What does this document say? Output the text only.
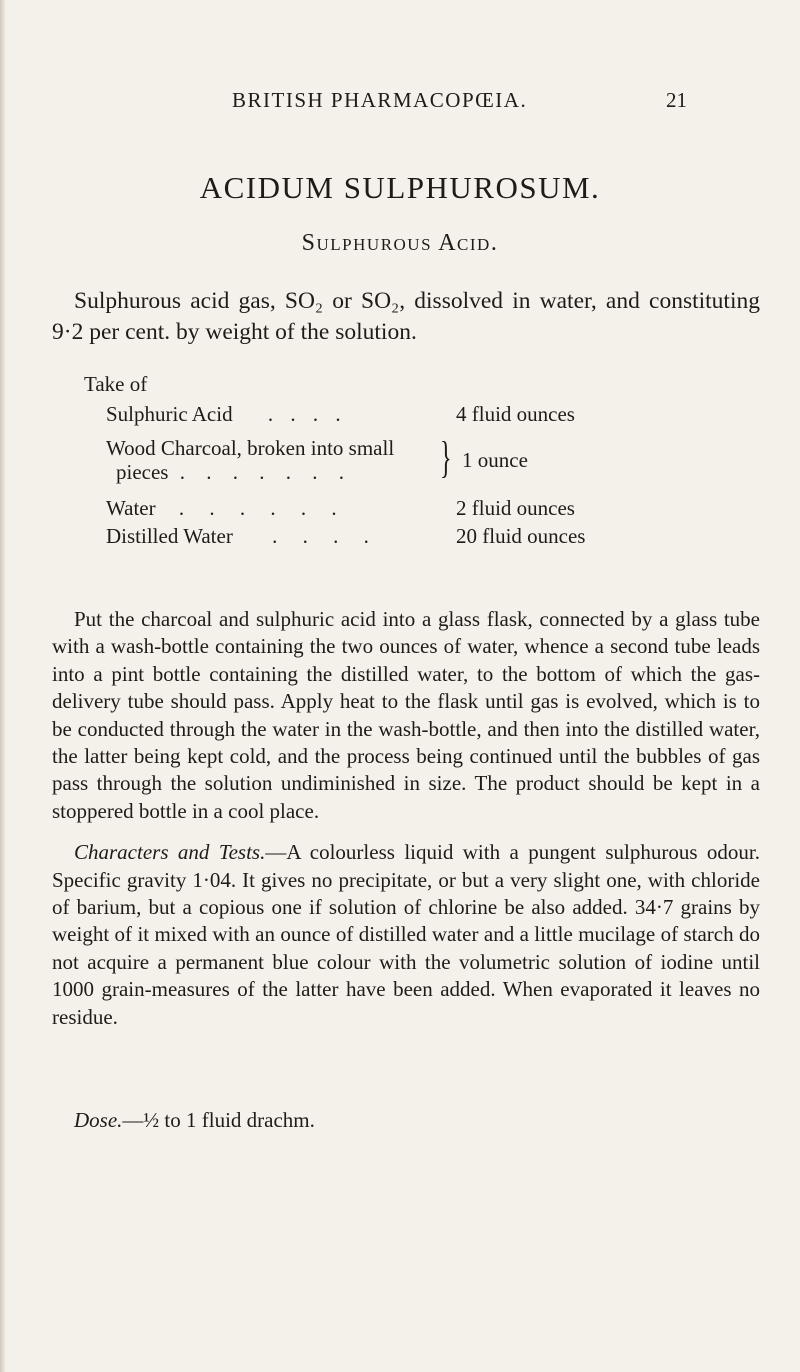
BRITISH PHARMACOPŒIA.	21
ACIDUM SULPHUROSUM.
Sulphurous Acid.

Sulphurous acid gas, SO₂ or SO₂, dissolved in water, and constituting 9·2 per cent. by weight of the solution.

Take of
Sulphuric Acid . . . .	4 fluid ounces
Wood Charcoal, broken into small
pieces . . . . . . . } 1 ounce
Water . . . . . .	2 fluid ounces
Distilled Water . . . .	20 fluid ounces

Put the charcoal and sulphuric acid into a glass flask, connected by a glass tube with a wash-bottle containing the two ounces of water, whence a second tube leads into a pint bottle containing the distilled water, to the bottom of which the gas-delivery tube should pass. Apply heat to the flask until gas is evolved, which is to be conducted through the water in the wash-bottle, and then into the distilled water, the latter being kept cold, and the process being continued until the bubbles of gas pass through the solution undiminished in size. The product should be kept in a stoppered bottle in a cool place.

Characters and Tests.—A colourless liquid with a pungent sulphurous odour. Specific gravity 1·04. It gives no precipitate, or but a very slight one, with chloride of barium, but a copious one if solution of chlorine be also added. 34·7 grains by weight of it mixed with an ounce of distilled water and a little mucilage of starch do not acquire a permanent blue colour with the volumetric solution of iodine until 1000 grain-measures of the latter have been added. When evaporated it leaves no residue.

Dose.—½ to 1 fluid drachm.
